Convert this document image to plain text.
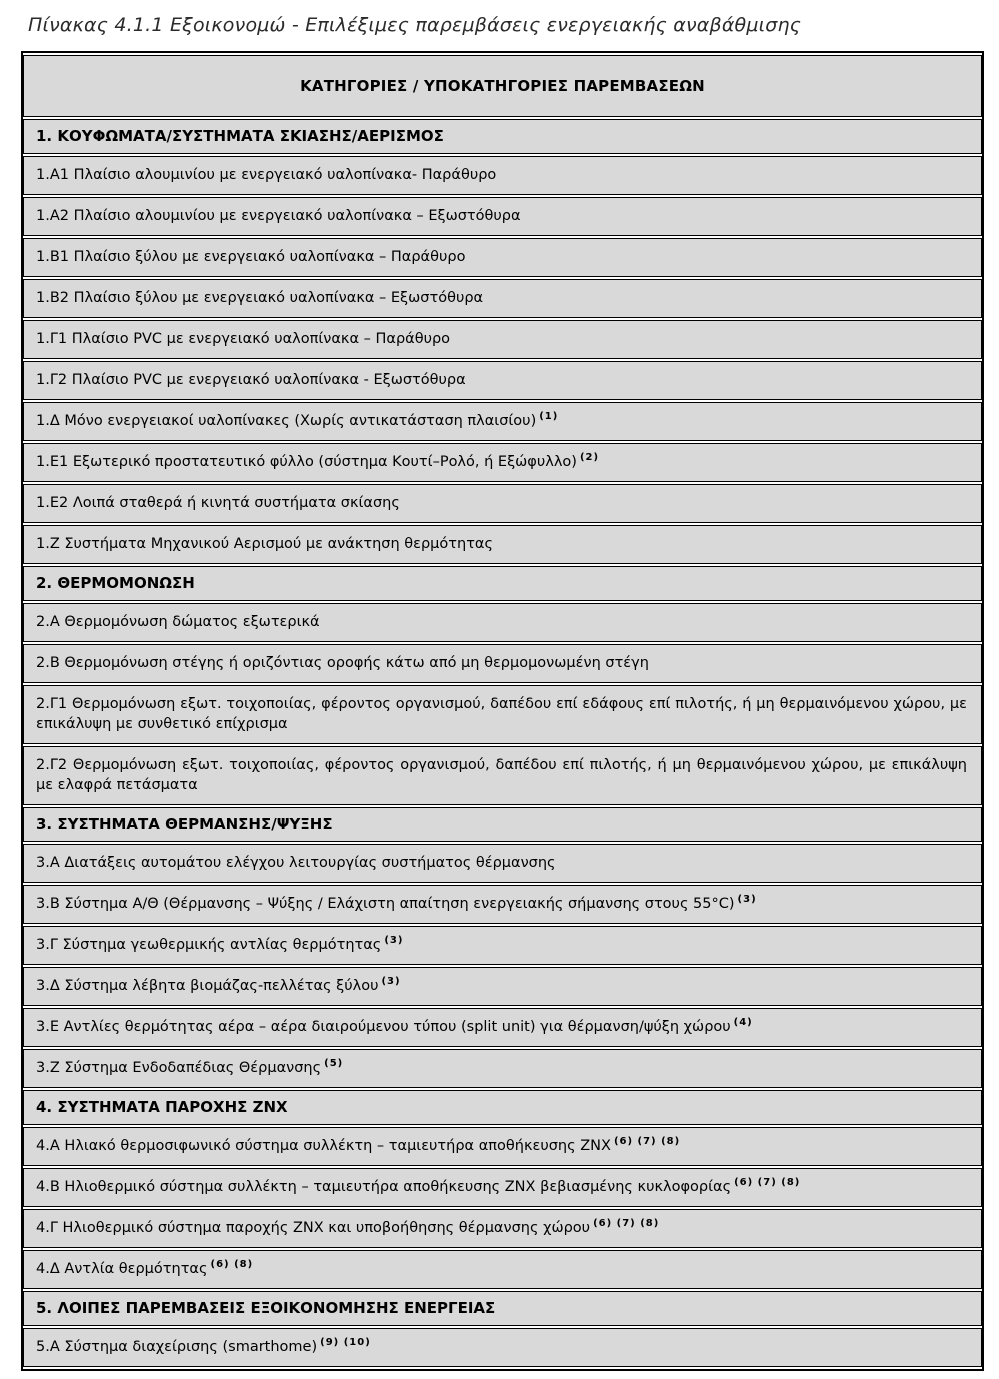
Πίνακας 4.1.1 Εξοικονομώ - Επιλέξιμες παρεμβάσεις ενεργειακής αναβάθμισης
ΚΑΤΗΓΟΡΙΕΣ / ΥΠΟΚΑΤΗΓΟΡΙΕΣ ΠΑΡΕΜΒΑΣΕΩΝ
1. ΚΟΥΦΩΜΑΤΑ/ΣΥΣΤΗΜΑΤΑ ΣΚΙΑΣΗΣ/ΑΕΡΙΣΜΟΣ
1.Α1 Πλαίσιο αλουμινίου με ενεργειακό υαλοπίνακα- Παράθυρο
1.Α2 Πλαίσιο αλουμινίου με ενεργειακό υαλοπίνακα – Εξωστόθυρα
1.Β1 Πλαίσιο ξύλου με ενεργειακό υαλοπίνακα – Παράθυρο
1.Β2 Πλαίσιο ξύλου με ενεργειακό υαλοπίνακα – Εξωστόθυρα
1.Γ1 Πλαίσιο PVC με ενεργειακό υαλοπίνακα – Παράθυρο
1.Γ2 Πλαίσιο PVC με ενεργειακό υαλοπίνακα - Εξωστόθυρα
1.Δ Μόνο ενεργειακοί υαλοπίνακες (Χωρίς αντικατάσταση πλαισίου) $^{(1)}$
1.Ε1 Εξωτερικό προστατευτικό φύλλο (σύστημα Κουτί–Ρολό, ή Εξώφυλλο) $^{(2)}$
1.Ε2 Λοιπά σταθερά ή κινητά συστήματα σκίασης
1.Ζ Συστήματα Μηχανικού Αερισμού με ανάκτηση θερμότητας
2. ΘΕΡΜΟΜΟΝΩΣΗ
2.Α Θερμομόνωση δώματος εξωτερικά
2.Β Θερμομόνωση στέγης ή οριζόντιας οροφής κάτω από μη θερμομονωμένη στέγη
2.Γ1 Θερμομόνωση εξωτ. τοιχοποιίας, φέροντος οργανισμού, δαπέδου επί εδάφους επί πιλοτής, ή μη θερμαινόμενου χώρου, με επικάλυψη με συνθετικό επίχρισμα
2.Γ2 Θερμομόνωση εξωτ. τοιχοποιίας, φέροντος οργανισμού, δαπέδου επί πιλοτής, ή μη θερμαινόμενου χώρου, με επικάλυψη με ελαφρά πετάσματα
3. ΣΥΣΤΗΜΑΤΑ ΘΕΡΜΑΝΣΗΣ/ΨΥΞΗΣ
3.Α Διατάξεις αυτομάτου ελέγχου λειτουργίας συστήματος θέρμανσης
3.Β Σύστημα Α/Θ (Θέρμανσης – Ψύξης / Ελάχιστη απαίτηση ενεργειακής σήμανσης στους 55°C) $^{(3)}$
3.Γ Σύστημα γεωθερμικής αντλίας θερμότητας $^{(3)}$
3.Δ Σύστημα λέβητα βιομάζας-πελλέτας ξύλου $^{(3)}$
3.Ε Αντλίες θερμότητας αέρα – αέρα διαιρούμενου τύπου (split unit) για θέρμανση/ψύξη χώρου $^{(4)}$
3.Ζ Σύστημα Ενδοδαπέδιας Θέρμανσης $^{(5)}$
4. ΣΥΣΤΗΜΑΤΑ ΠΑΡΟΧΗΣ ΖΝΧ
4.Α Ηλιακό θερμοσιφωνικό σύστημα συλλέκτη – ταμιευτήρα αποθήκευσης ΖΝΧ $^{(6) (7) (8)}$
4.Β Ηλιοθερμικό σύστημα συλλέκτη – ταμιευτήρα αποθήκευσης ΖΝΧ βεβιασμένης κυκλοφορίας $^{(6) (7) (8)}$
4.Γ Ηλιοθερμικό σύστημα παροχής ΖΝΧ και υποβοήθησης θέρμανσης χώρου $^{(6) (7) (8)}$
4.Δ Αντλία θερμότητας $^{(6) (8)}$
5. ΛΟΙΠΕΣ ΠΑΡΕΜΒΑΣΕΙΣ ΕΞΟΙΚΟΝΟΜΗΣΗΣ ΕΝΕΡΓΕΙΑΣ
5.Α Σύστημα διαχείρισης (smarthome) $^{(9) (10)}$
